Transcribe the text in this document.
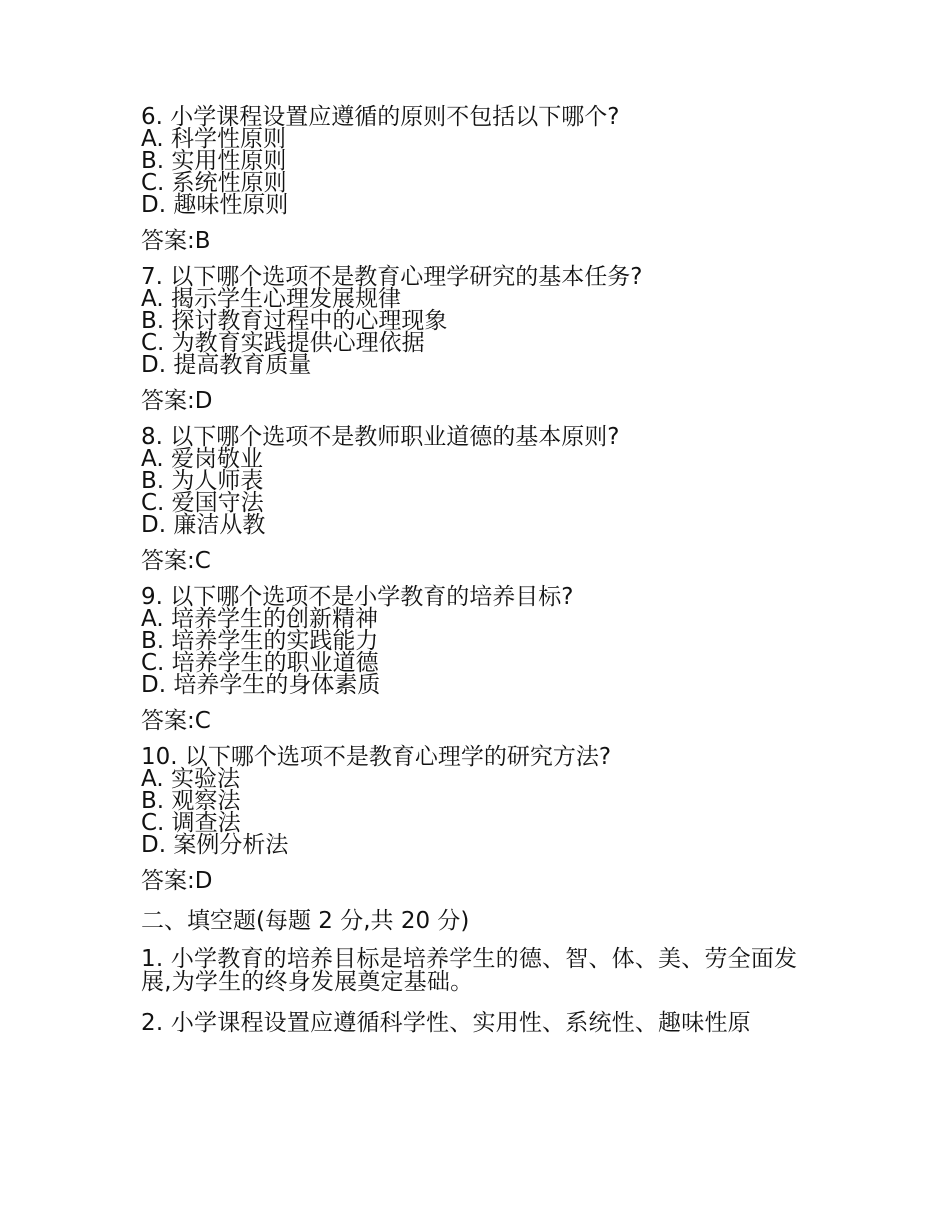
6. 小学课程设置应遵循的原则不包括以下哪个?
A. 科学性原则
B. 实用性原则
C. 系统性原则
D. 趣味性原则
答案:B
7. 以下哪个选项不是教育心理学研究的基本任务?
A. 揭示学生心理发展规律
B. 探讨教育过程中的心理现象
C. 为教育实践提供心理依据
D. 提高教育质量
答案:D
8. 以下哪个选项不是教师职业道德的基本原则?
A. 爱岗敬业
B. 为人师表
C. 爱国守法
D. 廉洁从教
答案:C
9. 以下哪个选项不是小学教育的培养目标?
A. 培养学生的创新精神
B. 培养学生的实践能力
C. 培养学生的职业道德
D. 培养学生的身体素质
答案:C
10. 以下哪个选项不是教育心理学的研究方法?
A. 实验法
B. 观察法
C. 调查法
D. 案例分析法
答案:D
二、填空题(每题 2 分,共 20 分)
1. 小学教育的培养目标是培养学生的德、智、体、美、劳全面发展,为学生的终身发展奠定基础。
2. 小学课程设置应遵循科学性、实用性、系统性、趣味性原
